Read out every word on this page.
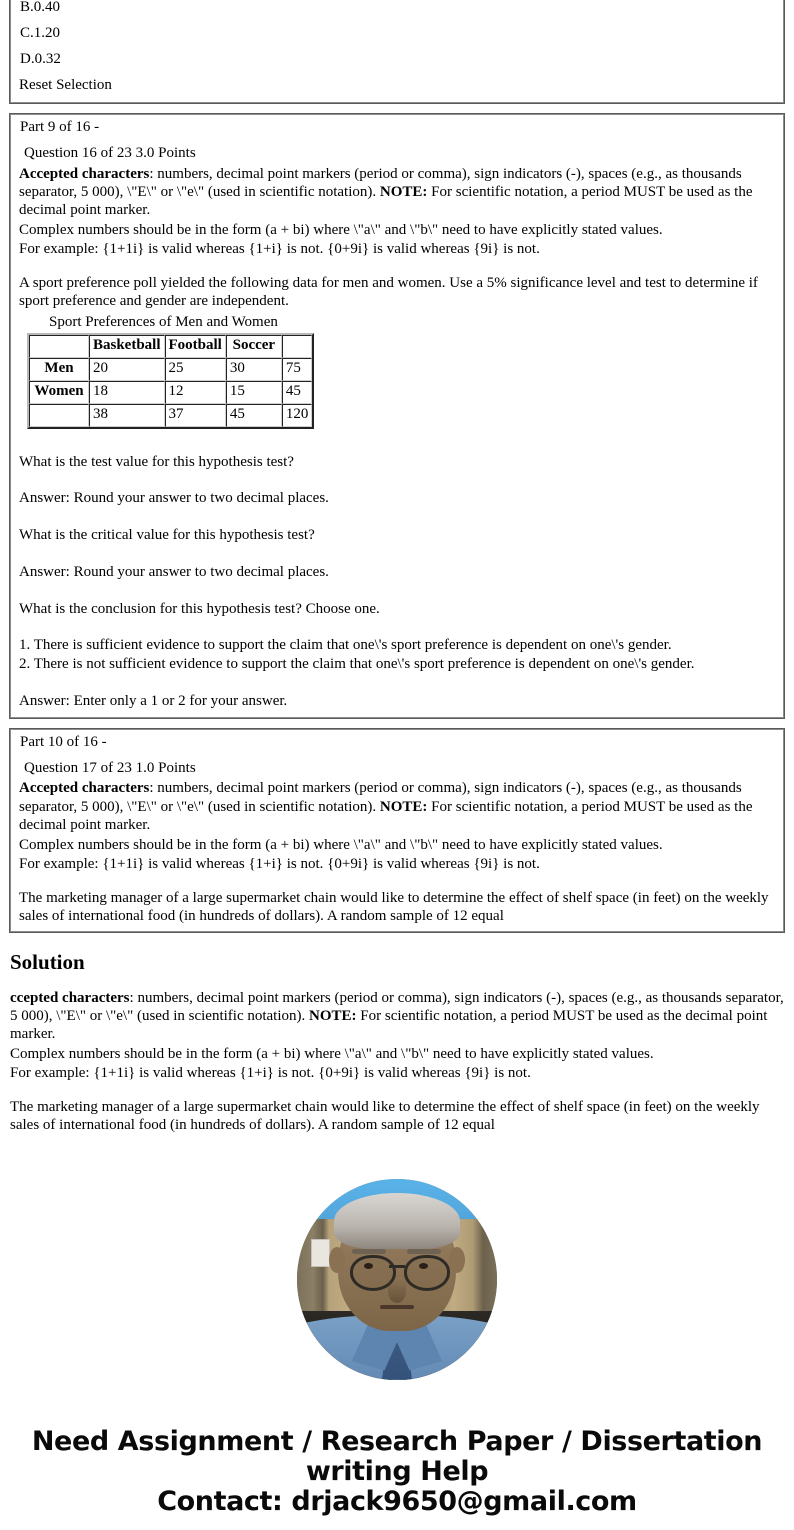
B.0.40
C.1.20
D.0.32
Reset Selection
Part 9 of 16 -
Question 16 of 23 3.0 Points

Accepted characters: numbers, decimal point markers (period or comma), sign indicators (-), spaces (e.g., as thousands separator, 5 000), \"E\" or \"e\" (used in scientific notation). NOTE: For scientific notation, a period MUST be used as the decimal point marker.

Complex numbers should be in the form (a + bi) where \"a\" and \"b\" need to have explicitly stated values.

For example: {1+1i} is valid whereas {1+i} is not. {0+9i} is valid whereas {9i} is not.

A sport preference poll yielded the following data for men and women. Use a 5% significance level and test to determine if sport preference and gender are independent.

Sport Preferences of Men and Women
	Basketball	Football	Soccer	
Men	20	25	30	75
Women	18	12	15	45
	38	37	45	120

What is the test value for this hypothesis test?

Answer: Round your answer to two decimal places.

What is the critical value for this hypothesis test?

Answer: Round your answer to two decimal places.

What is the conclusion for this hypothesis test? Choose one.

1. There is sufficient evidence to support the claim that one\'s sport preference is dependent on one\'s gender.

2. There is not sufficient evidence to support the claim that one\'s sport preference is dependent on one\'s gender.

Answer: Enter only a 1 or 2 for your answer.

Part 10 of 16 -
Question 17 of 23 1.0 Points

Accepted characters: numbers, decimal point markers (period or comma), sign indicators (-), spaces (e.g., as thousands separator, 5 000), \"E\" or \"e\" (used in scientific notation). NOTE: For scientific notation, a period MUST be used as the decimal point marker.

Complex numbers should be in the form (a + bi) where \"a\" and \"b\" need to have explicitly stated values.

For example: {1+1i} is valid whereas {1+i} is not. {0+9i} is valid whereas {9i} is not.

The marketing manager of a large supermarket chain would like to determine the effect of shelf space (in feet) on the weekly sales of international food (in hundreds of dollars). A random sample of 12 equal

Solution

ccepted characters: numbers, decimal point markers (period or comma), sign indicators (-), spaces (e.g., as thousands separator, 5 000), \"E\" or \"e\" (used in scientific notation). NOTE: For scientific notation, a period MUST be used as the decimal point marker.

Complex numbers should be in the form (a + bi) where \"a\" and \"b\" need to have explicitly stated values.

For example: {1+1i} is valid whereas {1+i} is not. {0+9i} is valid whereas {9i} is not.

The marketing manager of a large supermarket chain would like to determine the effect of shelf space (in feet) on the weekly sales of international food (in hundreds of dollars). A random sample of 12 equal

Need Assignment / Research Paper / Dissertation writing Help
Contact: drjack9650@gmail.com
